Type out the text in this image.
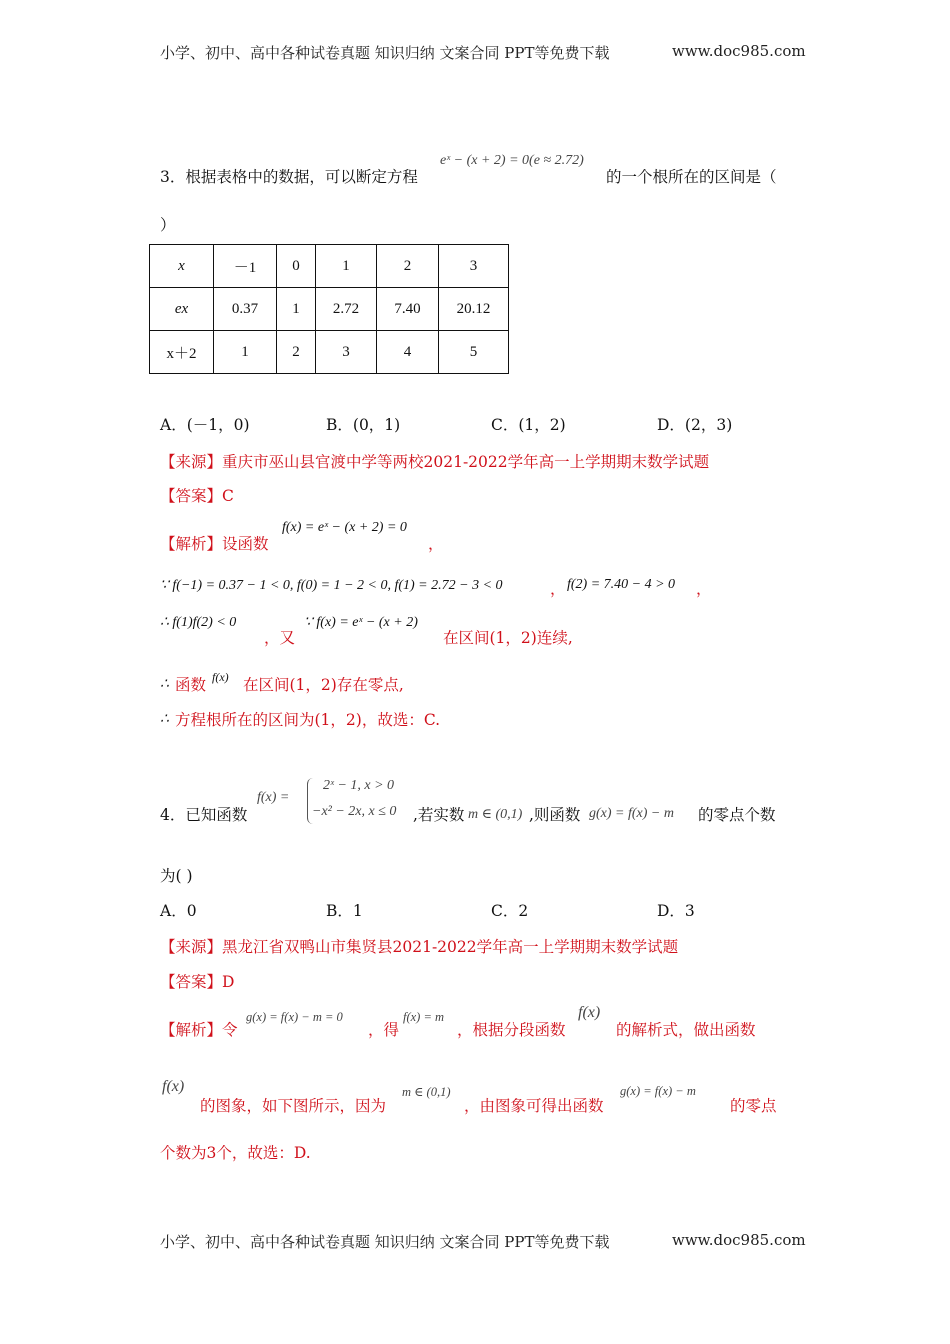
小学、初中、高中各种试卷真题 知识归纳 文案合同 PPT等免费下载	www.doc985.com
3．根据表格中的数据，可以断定方程
eˣ − (x + 2) = 0(e ≈ 2.72)
的一个根所在的区间是（
）
x	－1	0	1	2	3
ex	0.37	1	2.72	7.40	20.12
x＋2	1	2	3	4	5
A．(－1，0)	B．(0，1)	C．(1，2)	D．(2，3)
【来源】重庆市巫山县官渡中学等两校2021-2022学年高一上学期期末数学试题
【答案】C
【解析】设函数
f(x) = eˣ − (x + 2) = 0
，
∵ f(−1) = 0.37 − 1 < 0, f(0) = 1 − 2 < 0, f(1) = 2.72 − 3 < 0	， f(2) = 7.40 − 4 > 0 ，
∴ f(1)f(2) < 0
，又
∵ f(x) = eˣ − (x + 2)
在区间(1，2)连续,
∴ 函数 f(x) 在区间(1，2)存在零点,
∴ 方程根所在的区间为(1，2)，故选：C.
4．已知函数
f(x) =
2ˣ − 1, x > 0
−x² − 2x, x ≤ 0 ,若实数 m ∈ (0,1) ,则函数 g(x) = f(x) − m 的零点个数
为( )
A．0	B．1	C．2	D．3
【来源】黑龙江省双鸭山市集贤县2021-2022学年高一上学期期末数学试题
【答案】D
【解析】令
g(x) = f(x) − m = 0
，得
f(x) = m
，根据分段函数
f(x)
的解析式，做出函数
f(x)
的图象，如下图所示，因为
m ∈ (0,1)
，由图象可得出函数
g(x) = f(x) − m
的零点
个数为3个，故选：D.
小学、初中、高中各种试卷真题 知识归纳 文案合同 PPT等免费下载	www.doc985.com
